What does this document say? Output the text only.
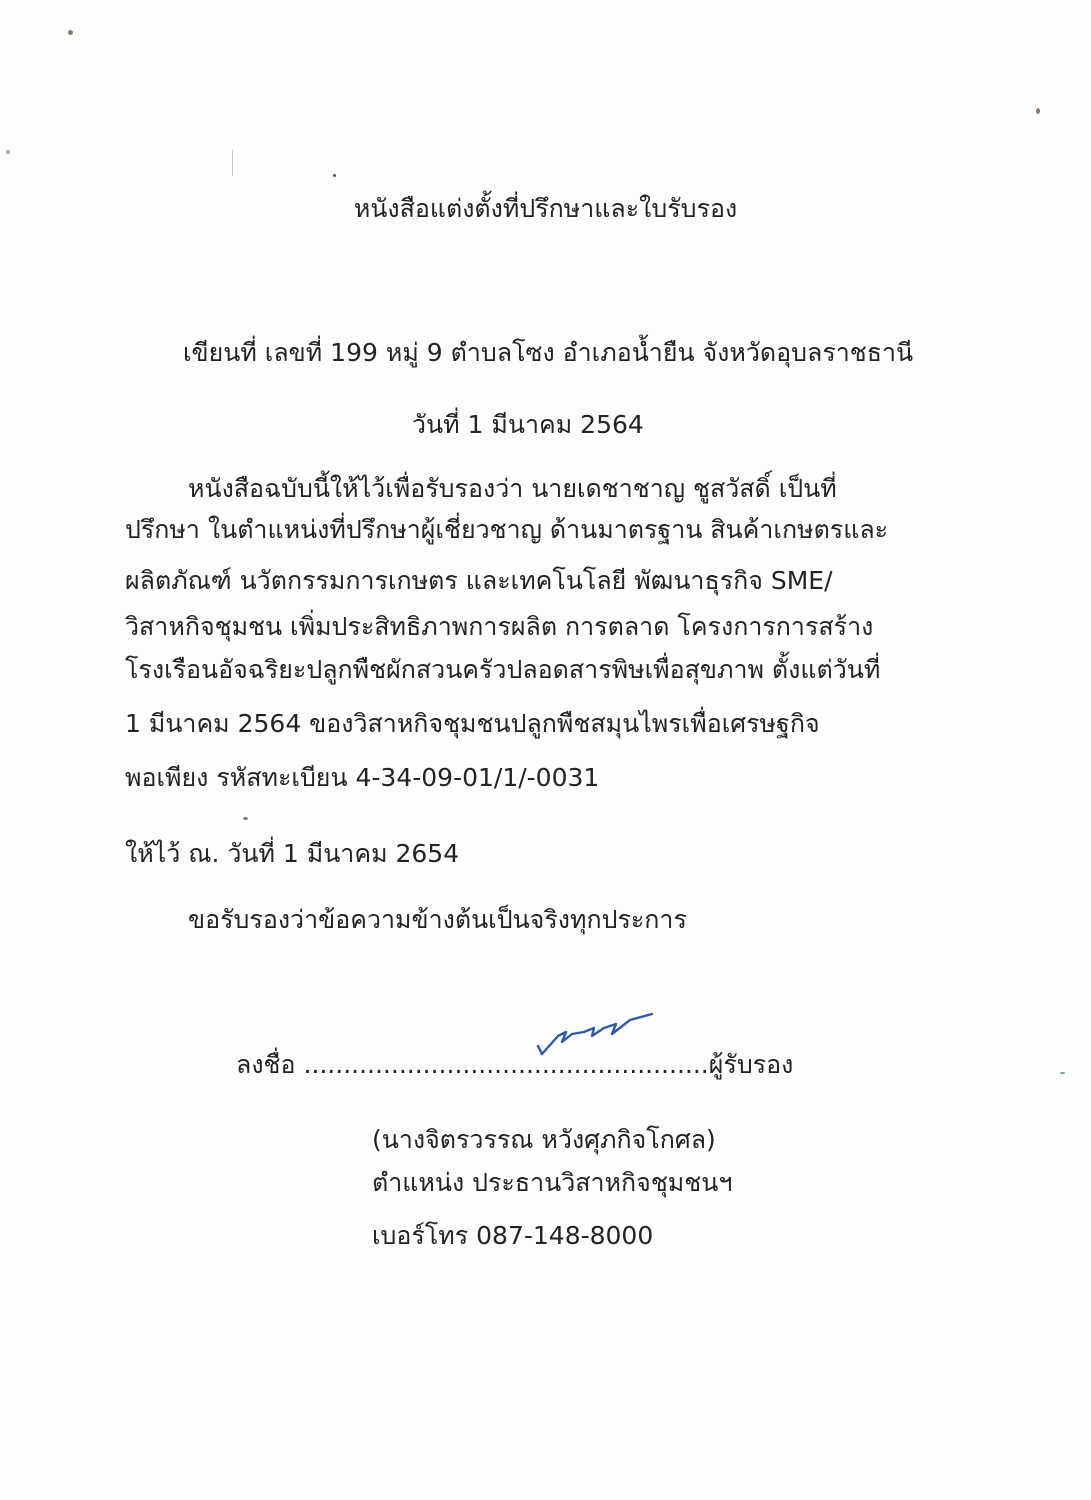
หนังสือแต่งตั้งที่ปรึกษาและใบรับรอง
เขียนที่ เลขที่ 199 หมู่ 9 ตำบลโซง อำเภอน้ำยืน จังหวัดอุบลราชธานี
วันที่ 1 มีนาคม 2564
หนังสือฉบับนี้ให้ไว้เพื่อรับรองว่า นายเดชาชาญ ชูสวัสดิ์ เป็นที่
ปรึกษา ในตำแหน่งที่ปรึกษาผู้เชี่ยวชาญ ด้านมาตรฐาน สินค้าเกษตรและ
ผลิตภัณฑ์ นวัตกรรมการเกษตร และเทคโนโลยี พัฒนาธุรกิจ SME/
วิสาหกิจชุมชน เพิ่มประสิทธิภาพการผลิต การตลาด โครงการการสร้าง
โรงเรือนอัจฉริยะปลูกพืชผักสวนครัวปลอดสารพิษเพื่อสุขภาพ ตั้งแต่วันที่
1 มีนาคม 2564 ของวิสาหกิจชุมชนปลูกพืชสมุนไพรเพื่อเศรษฐกิจ
พอเพียง รหัสทะเบียน 4-34-09-01/1/-0031
ให้ไว้ ณ. วันที่ 1 มีนาคม 2654
ขอรับรองว่าข้อความข้างต้นเป็นจริงทุกประการ
ลงชื่อ ...................................................ผู้รับรอง
(นางจิตรวรรณ หวังศุภกิจโกศล)
ตำแหน่ง ประธานวิสาหกิจชุมชนฯ
เบอร์โทร 087-148-8000
